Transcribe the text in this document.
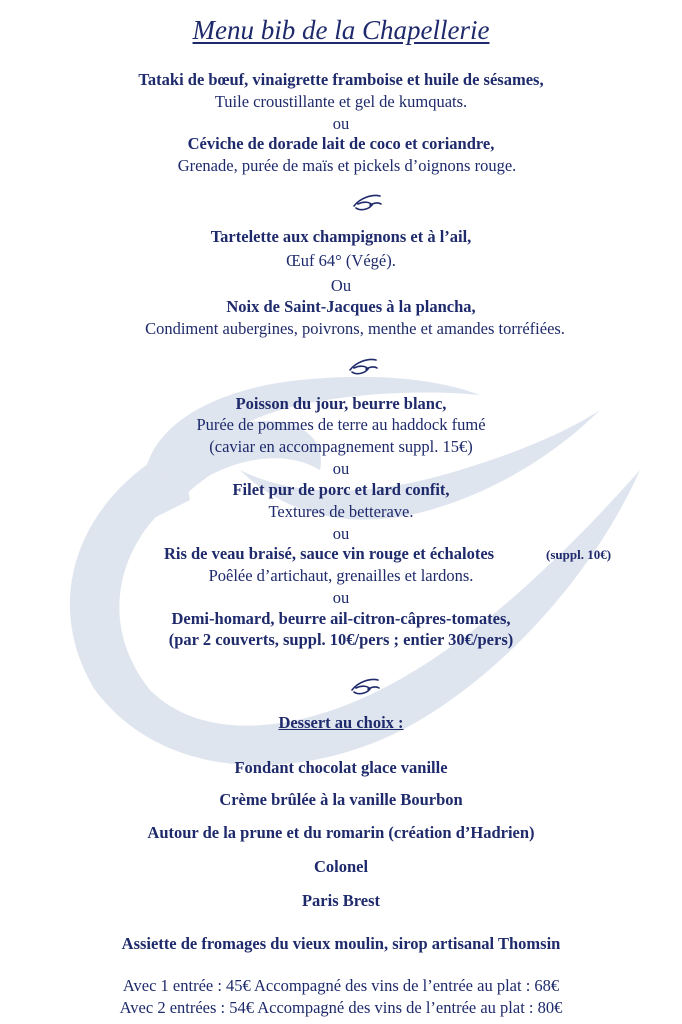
Menu bib de la Chapellerie
Tataki de bœuf, vinaigrette framboise et huile de sésames,
Tuile croustillante et gel de kumquats.
ou
Céviche de dorade lait de coco et coriandre,
Grenade, purée de maïs et pickels d’oignons rouge.
Tartelette aux champignons et à l’ail,
Œuf 64° (Végé).
Ou
Noix de Saint-Jacques à la plancha,
Condiment aubergines, poivrons, menthe et amandes torréfiées.
Poisson du jour, beurre blanc,
Purée de pommes de terre au haddock fumé
(caviar en accompagnement suppl. 15€)
ou
Filet pur de porc et lard confit,
Textures de betterave.
ou
Ris de veau braisé, sauce vin rouge et échalotes	(suppl. 10€)
Poêlée d’artichaut, grenailles et lardons.
ou
Demi-homard, beurre ail-citron-câpres-tomates,
(par 2 couverts, suppl. 10€/pers ; entier 30€/pers)
Dessert au choix :
Fondant chocolat glace vanille
Crème brûlée à la vanille Bourbon
Autour de la prune et du romarin (création d’Hadrien)
Colonel
Paris Brest
Assiette de fromages du vieux moulin, sirop artisanal Thomsin
Avec 1 entrée : 45€ Accompagné des vins de l’entrée au plat : 68€
Avec 2 entrées : 54€ Accompagné des vins de l’entrée au plat : 80€
